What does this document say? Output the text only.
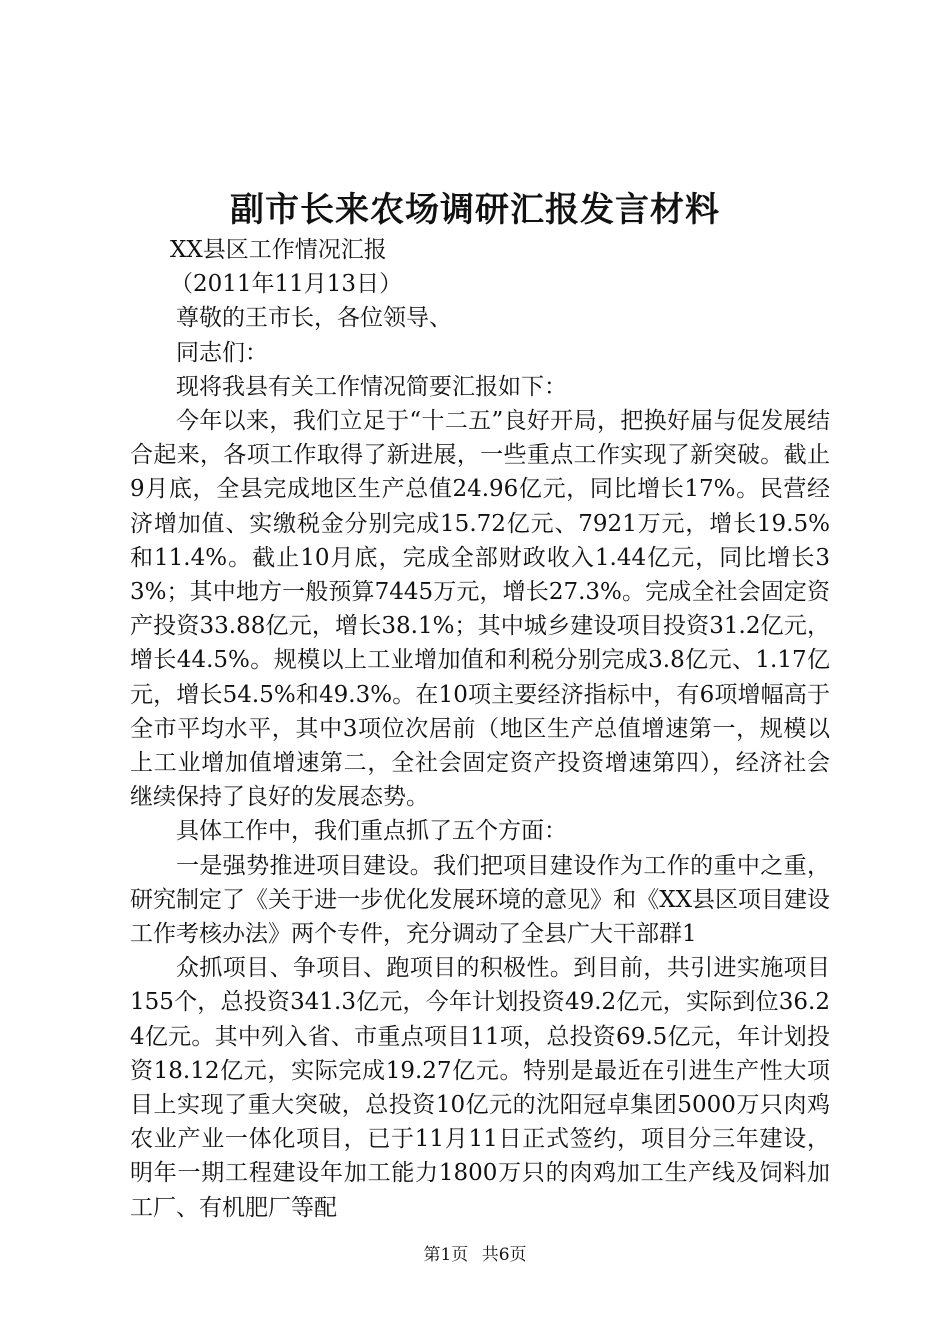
副市长来农场调研汇报发言材料

XX县区工作情况汇报

（2011年11月13日）

尊敬的王市长，各位领导、

同志们：

现将我县有关工作情况简要汇报如下：

今年以来，我们立足于“十二五”良好开局，把换好届与促发展结合起来，各项工作取得了新进展，一些重点工作实现了新突破。截止9月底，全县完成地区生产总值24.96亿元，同比增长17%。民营经济增加值、实缴税金分别完成15.72亿元、7921万元，增长19.5%和11.4%。截止10月底，完成全部财政收入1.44亿元，同比增长33%；其中地方一般预算7445万元，增长27.3%。完成全社会固定资产投资33.88亿元，增长38.1%；其中城乡建设项目投资31.2亿元，增长44.5%。规模以上工业增加值和利税分别完成3.8亿元、1.17亿元，增长54.5%和49.3%。在10项主要经济指标中，有6项增幅高于全市平均水平，其中3项位次居前（地区生产总值增速第一，规模以上工业增加值增速第二，全社会固定资产投资增速第四），经济社会继续保持了良好的发展态势。

具体工作中，我们重点抓了五个方面：

一是强势推进项目建设。我们把项目建设作为工作的重中之重，研究制定了《关于进一步优化发展环境的意见》和《XX县区项目建设工作考核办法》两个专件，充分调动了全县广大干部群1

众抓项目、争项目、跑项目的积极性。到目前，共引进实施项目155个，总投资341.3亿元，今年计划投资49.2亿元，实际到位36.24亿元。其中列入省、市重点项目11项，总投资69.5亿元，年计划投资18.12亿元，实际完成19.27亿元。特别是最近在引进生产性大项目上实现了重大突破，总投资10亿元的沈阳冠卓集团5000万只肉鸡农业产业一体化项目，已于11月11日正式签约，项目分三年建设，明年一期工程建设年加工能力1800万只的肉鸡加工生产线及饲料加工厂、有机肥厂等配

第1页 共6页
